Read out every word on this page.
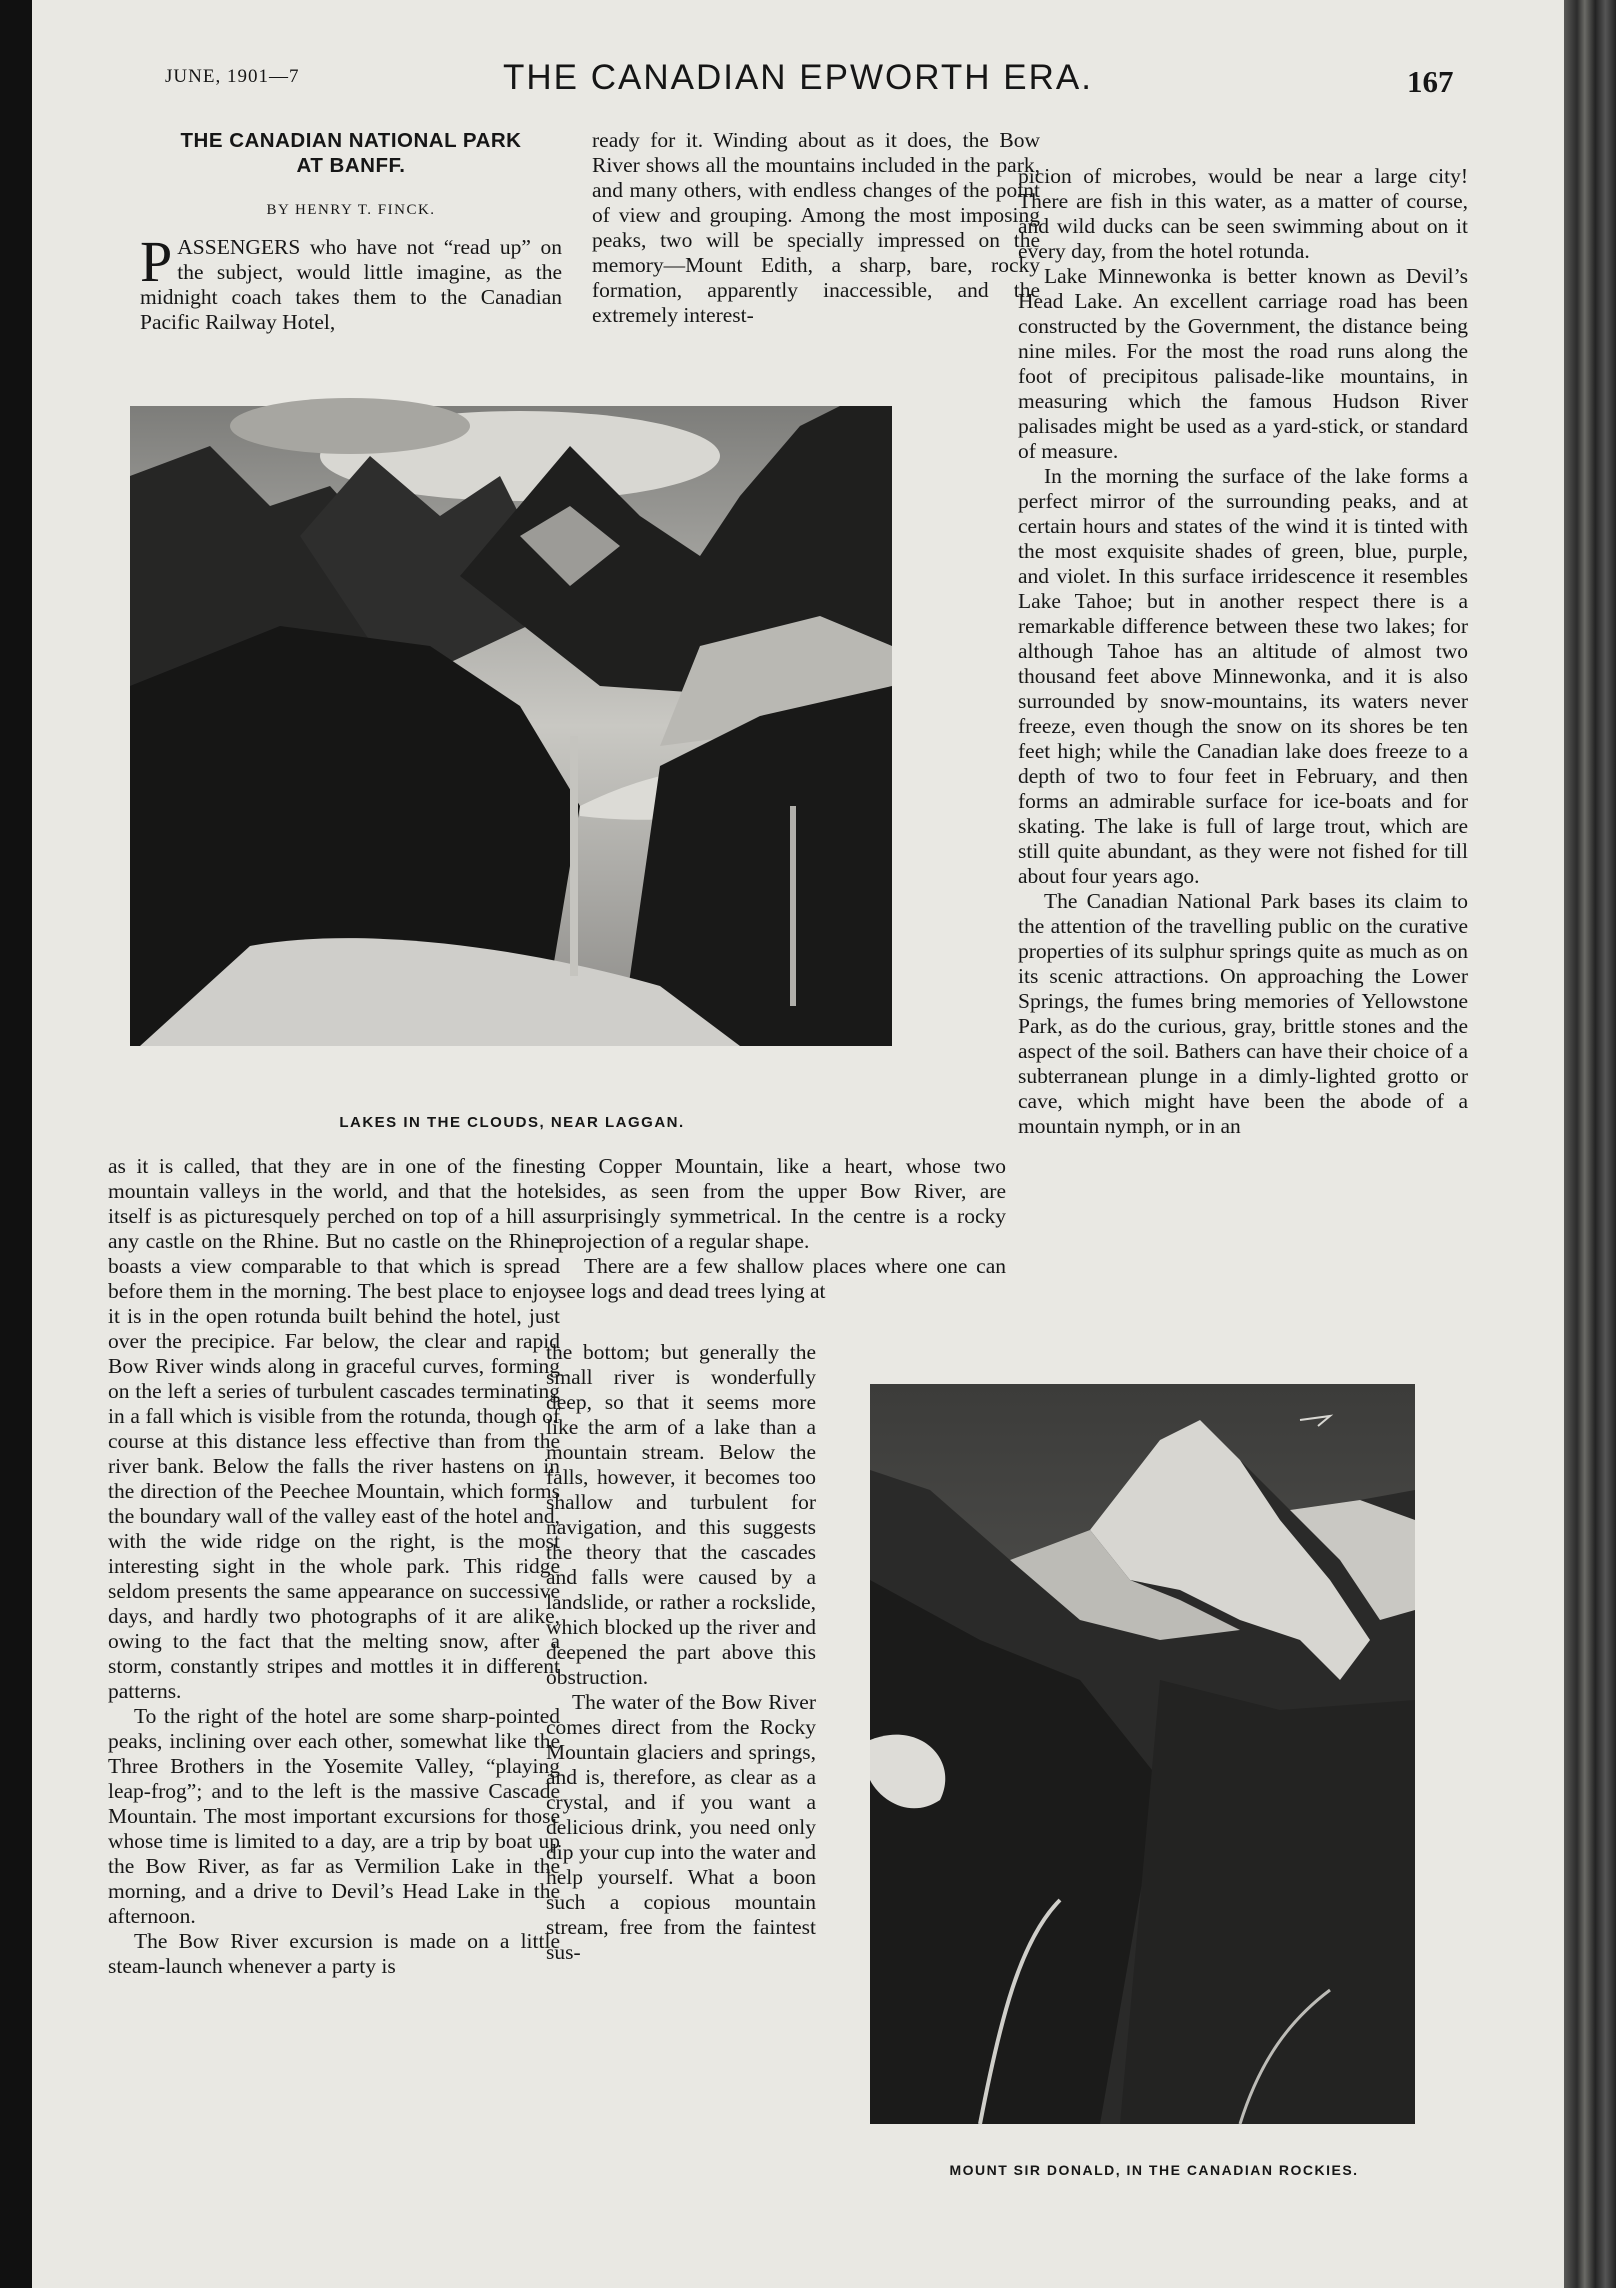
THE CANADIAN EPWORTH ERA.
JUNE, 1901—7	167
THE CANADIAN NATIONAL PARK AT BANFF.
BY HENRY T. FINCK.

PASSENGERS who have not “read up” on the subject, would little imagine, as the midnight coach takes them to the Canadian Pacific Railway Hotel,

ready for it. Winding about as it does, the Bow River shows all the mountains included in the park, and many others, with endless changes of the point of view and grouping. Among the most imposing peaks, two will be specially impressed on the memory—Mount Edith, a sharp, bare, rocky formation, apparently inaccessible, and the extremely interest-

LAKES IN THE CLOUDS, NEAR LAGGAN.

picion of microbes, would be near a large city! There are fish in this water, as a matter of course, and wild ducks can be seen swimming about on it every day, from the hotel rotunda.

Lake Minnewonka is better known as Devil’s Head Lake. An excellent carriage road has been constructed by the Government, the distance being nine miles. For the most the road runs along the foot of precipitous palisade-like mountains, in measuring which the famous Hudson River palisades might be used as a yard-stick, or standard of measure.

In the morning the surface of the lake forms a perfect mirror of the surrounding peaks, and at certain hours and states of the wind it is tinted with the most exquisite shades of green, blue, purple, and violet. In this surface irridescence it resembles Lake Tahoe; but in another respect there is a remarkable difference between these two lakes; for although Tahoe has an altitude of almost two thousand feet above Minnewonka, and it is also surrounded by snow-mountains, its waters never freeze, even though the snow on its shores be ten feet high; while the Canadian lake does freeze to a depth of two to four feet in February, and then forms an admirable surface for ice-boats and for skating. The lake is full of large trout, which are still quite abundant, as they were not fished for till about four years ago.

The Canadian National Park bases its claim to the attention of the travelling public on the curative properties of its sulphur springs quite as much as on its scenic attractions. On approaching the Lower Springs, the fumes bring memories of Yellowstone Park, as do the curious, gray, brittle stones and the aspect of the soil. Bathers can have their choice of a subterranean plunge in a dimly-lighted grotto or cave, which might have been the abode of a mountain nymph, or in an

as it is called, that they are in one of the finest mountain valleys in the world, and that the hotel itself is as picturesquely perched on top of a hill as any castle on the Rhine. But no castle on the Rhine boasts a view comparable to that which is spread before them in the morning. The best place to enjoy it is in the open rotunda built behind the hotel, just over the precipice. Far below, the clear and rapid Bow River winds along in graceful curves, forming on the left a series of turbulent cascades terminating in a fall which is visible from the rotunda, though of course at this distance less effective than from the river bank. Below the falls the river hastens on in the direction of the Peechee Mountain, which forms the boundary wall of the valley east of the hotel and, with the wide ridge on the right, is the most interesting sight in the whole park. This ridge seldom presents the same appearance on successive days, and hardly two photographs of it are alike, owing to the fact that the melting snow, after a storm, constantly stripes and mottles it in different patterns.

To the right of the hotel are some sharp-pointed peaks, inclining over each other, somewhat like the Three Brothers in the Yosemite Valley, “playing leap-frog”; and to the left is the massive Cascade Mountain. The most important excursions for those whose time is limited to a day, are a trip by boat up the Bow River, as far as Vermilion Lake in the morning, and a drive to Devil’s Head Lake in the afternoon.

The Bow River excursion is made on a little steam-launch whenever a party is

ing Copper Mountain, like a heart, whose two sides, as seen from the upper Bow River, are surprisingly symmetrical. In the centre is a rocky projection of a regular shape.

There are a few shallow places where one can see logs and dead trees lying at

the bottom; but generally the small river is wonderfully deep, so that it seems more like the arm of a lake than a mountain stream. Below the falls, however, it becomes too shallow and turbulent for navigation, and this suggests the theory that the cascades and falls were caused by a landslide, or rather a rockslide, which blocked up the river and deepened the part above this obstruction.

The water of the Bow River comes direct from the Rocky Mountain glaciers and springs, and is, therefore, as clear as a crystal, and if you want a delicious drink, you need only dip your cup into the water and help yourself. What a boon such a copious mountain stream, free from the faintest sus-

MOUNT SIR DONALD, IN THE CANADIAN ROCKIES.
